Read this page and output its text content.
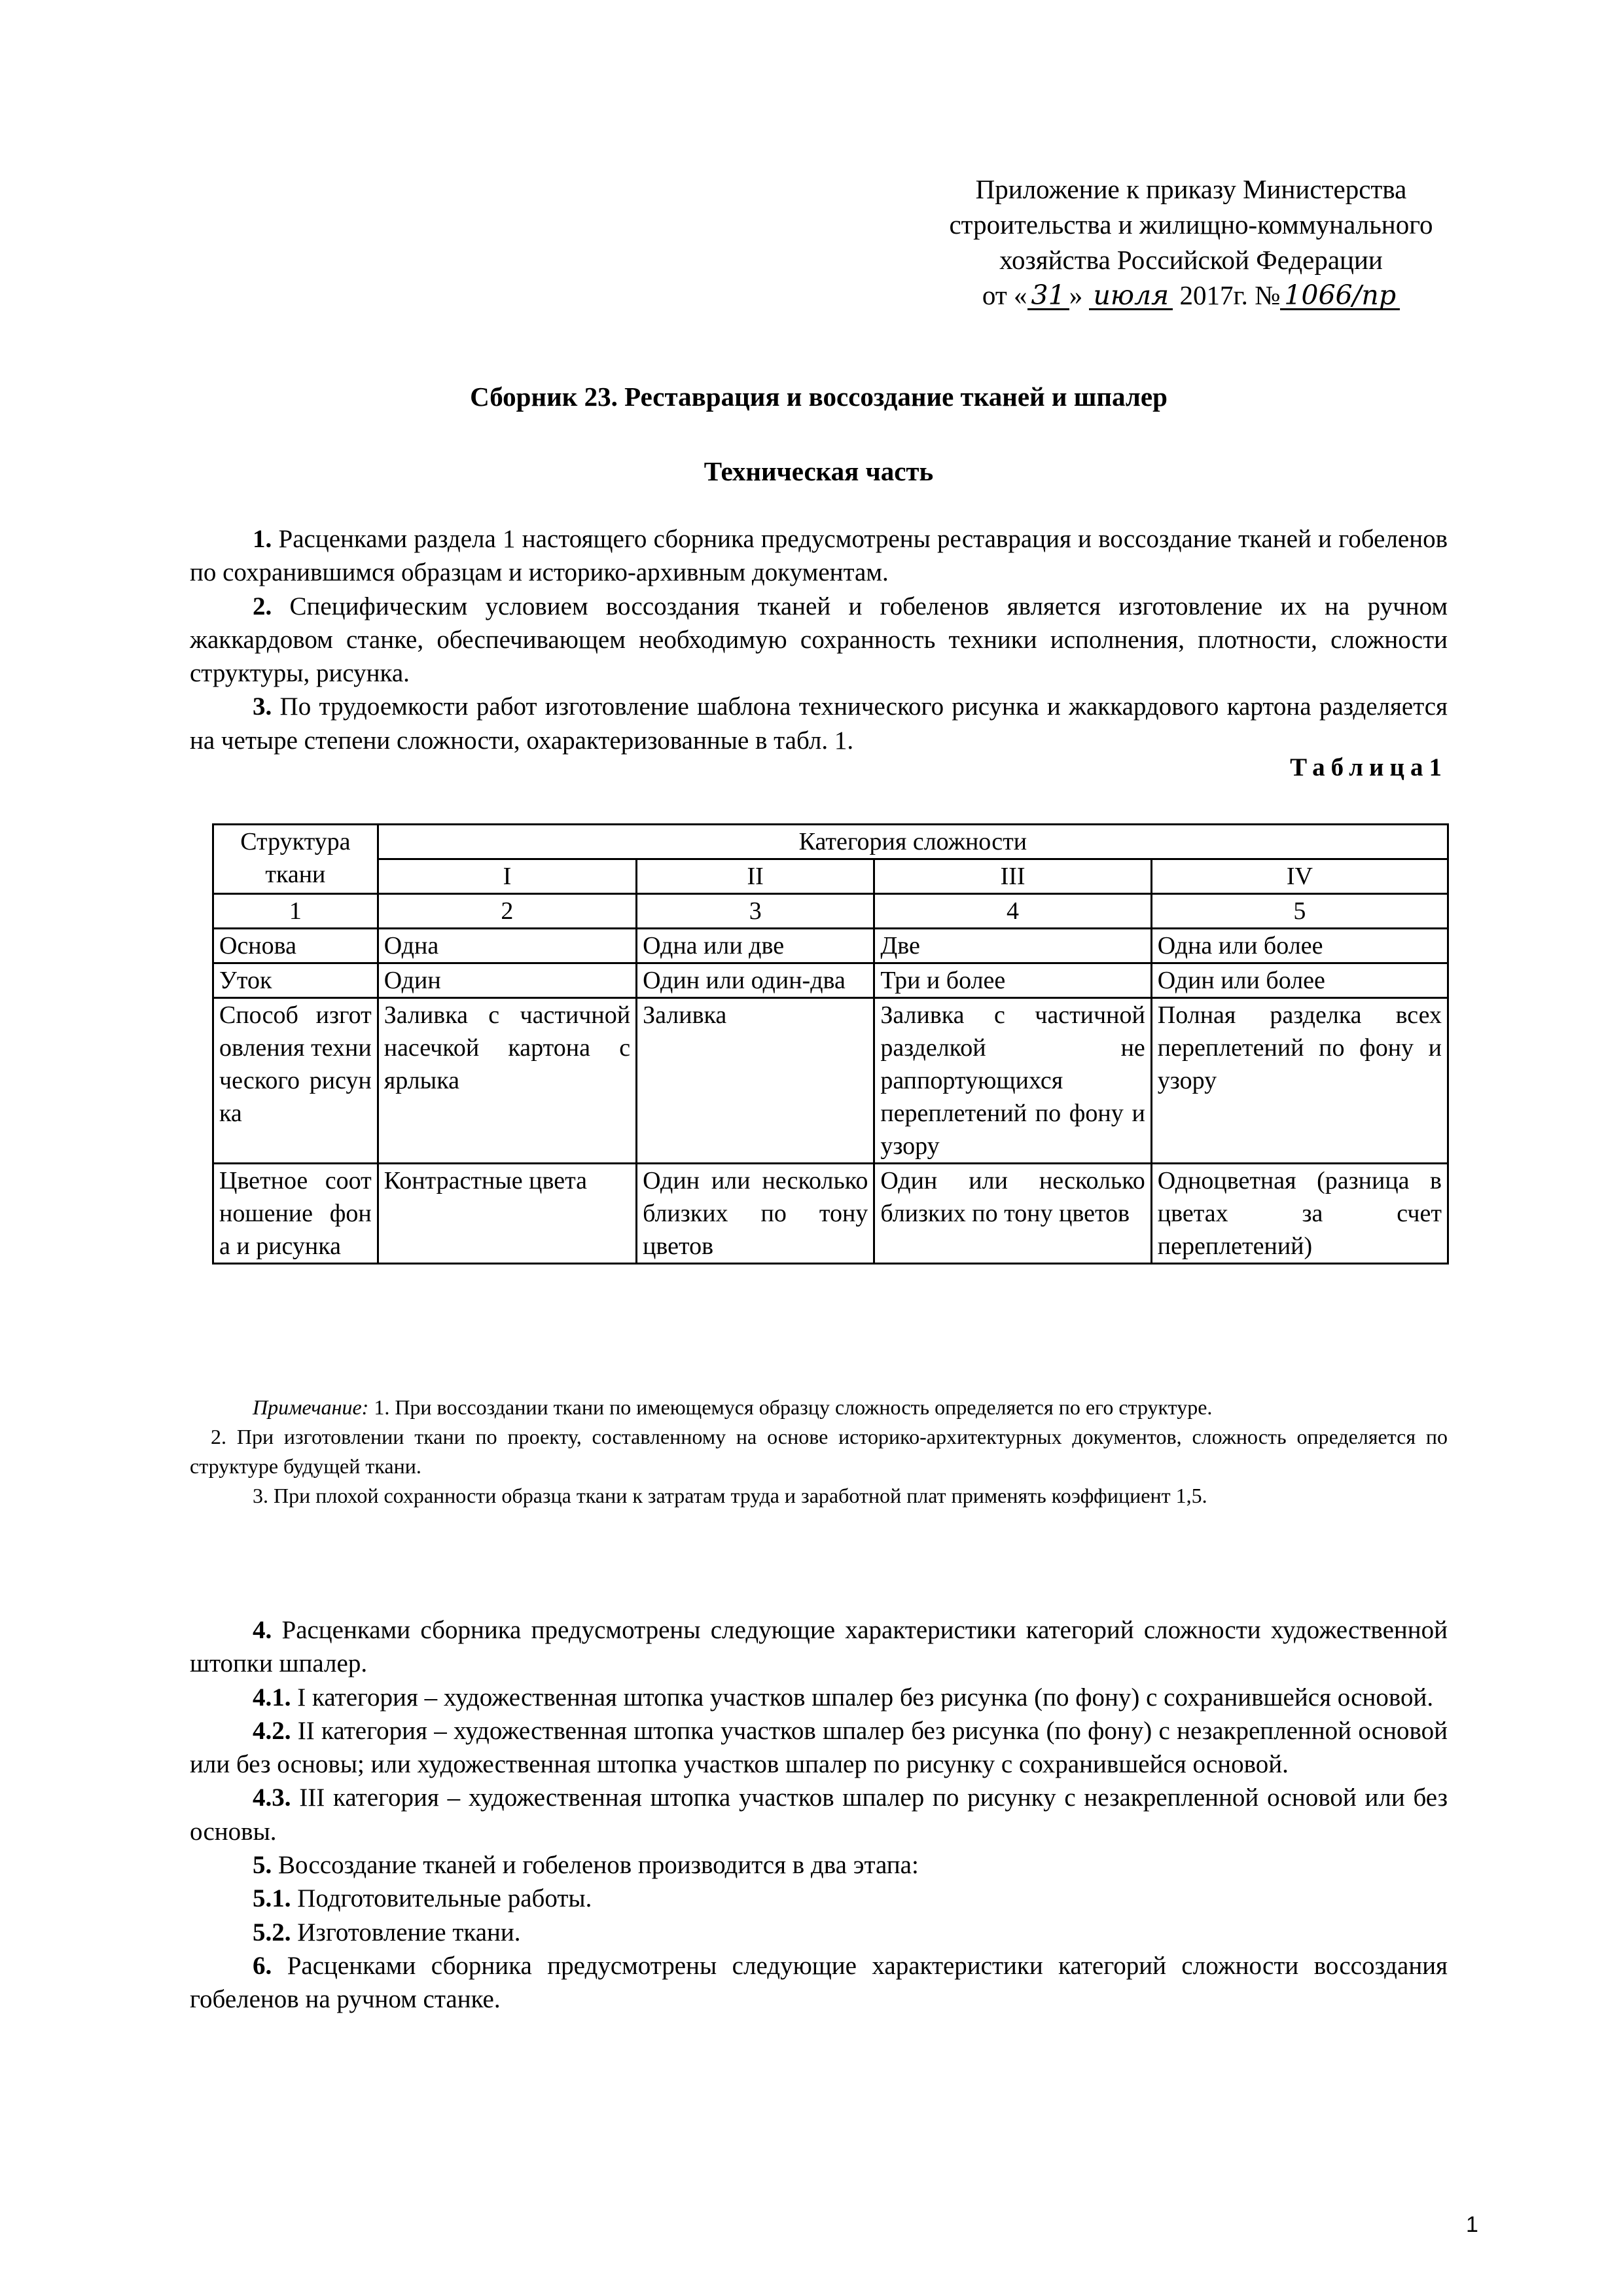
Приложение к приказу Министерства
строительства и жилищно-коммунального
хозяйства Российской Федерации
от « 31 » июля 2017г. № 1066/пр
Сборник 23. Реставрация и воссоздание тканей и шпалер
Техническая часть

1. Расценками раздела 1 настоящего сборника предусмотрены реставрация и воссоздание тканей и гобеленов по сохранившимся образцам и историко-архивным документам.

2. Специфическим условием воссоздания тканей и гобеленов является изготовление их на ручном жаккардовом станке, обеспечивающем необходимую сохранность техники исполнения, плотности, сложности структуры, рисунка.

3. По трудоемкости работ изготовление шаблона технического рисунка и жаккардового картона разделяется на четыре степени сложности, охарактеризованные в табл. 1.

Таблица1
Структура ткани	Категория сложности			
	I	II	III	IV
1	2	3	4	5
Основа	Одна	Одна или две	Две	Одна или более
Уток	Один	Один или один-два	Три и более	Один или более
Способ изготовления технического рисунка	Заливка с частичной насечкой картона с ярлыка	Заливка	Заливка с частичной разделкой не раппортующихся переплетений по фону и узору	Полная разделка всех переплетений по фону и узору
Цветное соотношение фона и рисунка	Контрастные цвета	Один или несколько близких по тону цветов	Один или несколько близких по тону цветов	Одноцветная (разница в цветах за счет переплетений)

Примечание: 1. При воссоздании ткани по имеющемуся образцу сложность определяется по его структуре.

2. При изготовлении ткани по проекту, составленному на основе историко-архитектурных документов, сложность определяется по структуре будущей ткани.

3. При плохой сохранности образца ткани к затратам труда и заработной плат применять коэффициент 1,5.

4. Расценками сборника предусмотрены следующие характеристики категорий сложности художественной штопки шпалер.

4.1. I категория – художественная штопка участков шпалер без рисунка (по фону) с сохранившейся основой.

4.2. II категория – художественная штопка участков шпалер без рисунка (по фону) с незакрепленной основой или без основы; или художественная штопка участков шпалер по рисунку с сохранившейся основой.

4.3. III категория – художественная штопка участков шпалер по рисунку с незакрепленной основой или без основы.

5. Воссоздание тканей и гобеленов производится в два этапа:

5.1. Подготовительные работы.

5.2. Изготовление ткани.

6. Расценками сборника предусмотрены следующие характеристики категорий сложности воссоздания гобеленов на ручном станке.

1
